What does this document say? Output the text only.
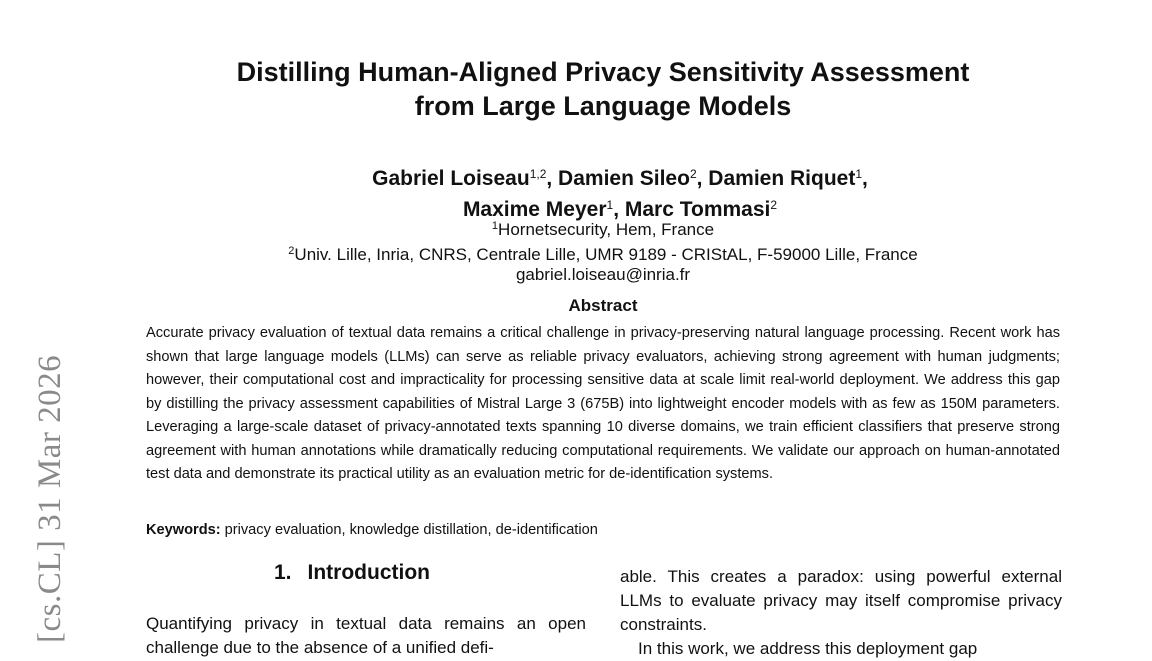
[cs.CL] 31 Mar 2026
Distilling Human-Aligned Privacy Sensitivity Assessment
from Large Language Models
Gabriel Loiseau$^{1,2}$, Damien Sileo$^2$, Damien Riquet$^1$,
Maxime Meyer$^1$, Marc Tommasi$^2$
$^1$Hornetsecurity, Hem, France
$^2$Univ. Lille, Inria, CNRS, Centrale Lille, UMR 9189 - CRIStAL, F-59000 Lille, France
gabriel.loiseau@inria.fr
Abstract
Accurate privacy evaluation of textual data remains a critical challenge in privacy-preserving natural language processing. Recent work has shown that large language models (LLMs) can serve as reliable privacy evaluators, achieving strong agreement with human judgments; however, their computational cost and impracticality for processing sensitive data at scale limit real-world deployment. We address this gap by distilling the privacy assessment capabilities of Mistral Large 3 (675B) into lightweight encoder models with as few as 150M parameters. Leveraging a large-scale dataset of privacy-annotated texts spanning 10 diverse domains, we train efficient classifiers that preserve strong agreement with human annotations while dramatically reducing computational requirements. We validate our approach on human-annotated test data and demonstrate its practical utility as an evaluation metric for de-identification systems.
Keywords: privacy evaluation, knowledge distillation, de-identification
1. Introduction
Quantifying privacy in textual data remains an open challenge due to the absence of a unified defi-
able. This creates a paradox: using powerful external LLMs to evaluate privacy may itself compromise privacy constraints.
In this work, we address this deployment gap
